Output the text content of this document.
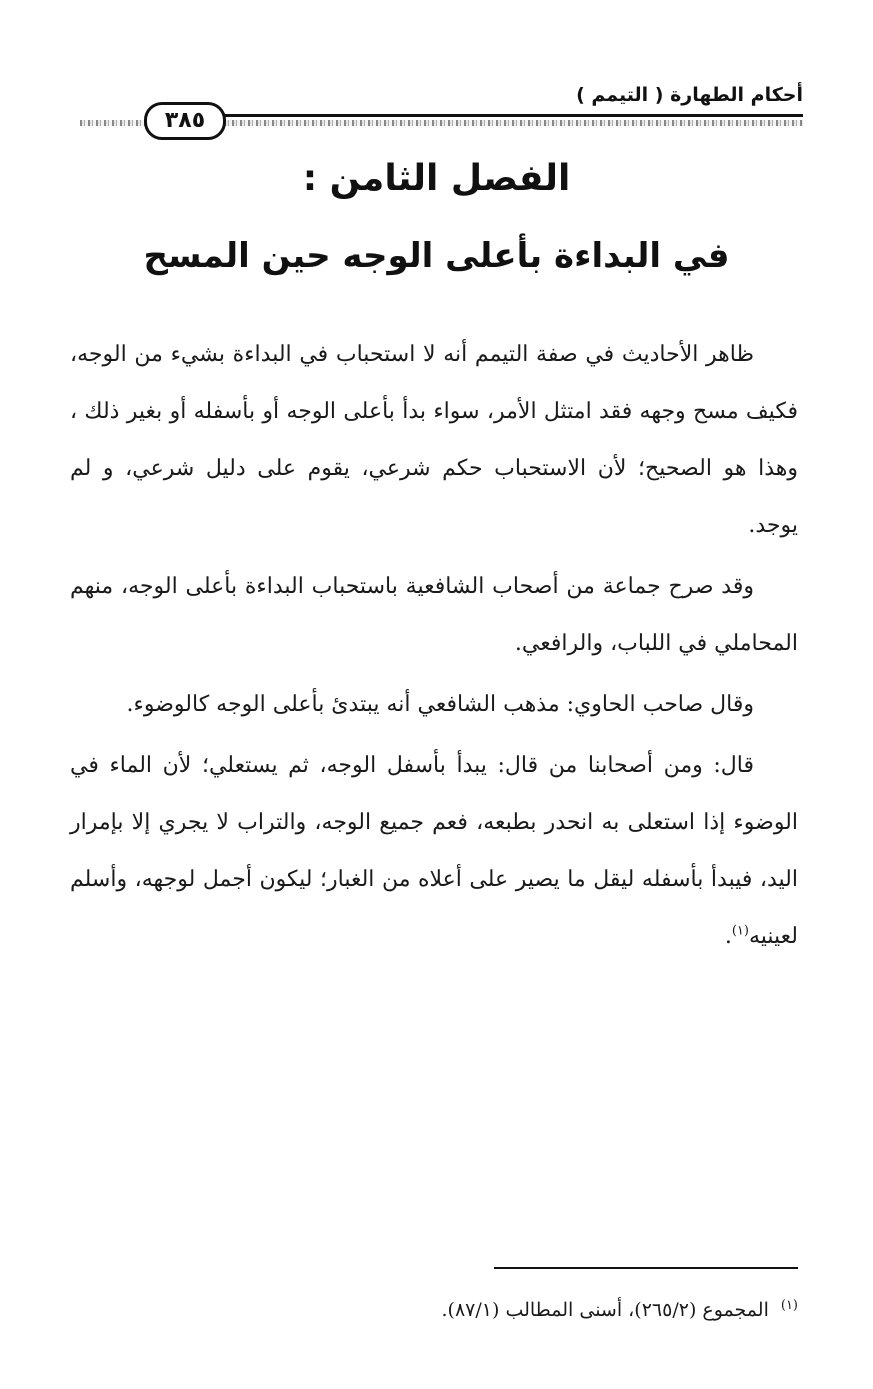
أحكام الطهارة ( التيمم )
٣٨٥
الفصل الثامن :
في البداءة بأعلى الوجه حين المسح

ظاهر الأحاديث في صفة التيمم أنه لا استحباب في البداءة بشيء من الوجه، فكيف مسح وجهه فقد امتثل الأمر، سواء بدأ بأعلى الوجه أو بأسفله أو بغير ذلك ، وهذا هو الصحيح؛ لأن الاستحباب حكم شرعي، يقوم على دليل شرعي، و لم يوجد.

وقد صرح جماعة من أصحاب الشافعية باستحباب البداءة بأعلى الوجه، منهم المحاملي في اللباب، والرافعي.

وقال صاحب الحاوي: مذهب الشافعي أنه يبتدئ بأعلى الوجه كالوضوء.

قال: ومن أصحابنا من قال: يبدأ بأسفل الوجه، ثم يستعلي؛ لأن الماء في الوضوء إذا استعلى به انحدر بطبعه، فعم جميع الوجه، والتراب لا يجري إلا بإمرار اليد، فيبدأ بأسفله ليقل ما يصير على أعلاه من الغبار؛ ليكون أجمل لوجهه، وأسلم لعينيه$^{(١)}$.

$^{(١)}$المجموع (٢٦٥/٢)، أسنى المطالب (٨٧/١).
